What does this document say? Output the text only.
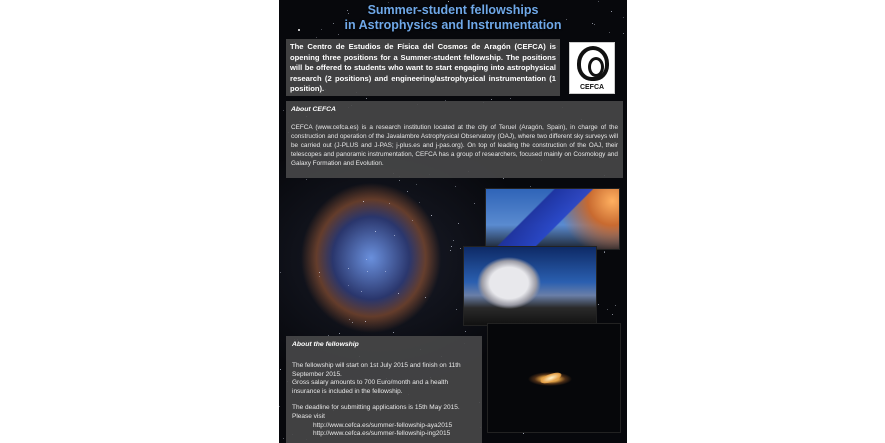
Summer-student fellowships
in Astrophysics and Instrumentation

The Centro de Estudios de Física del Cosmos de Aragón (CEFCA) is opening three positions for a Summer-student fellowship. The positions will be offered to students who want to start engaging into astrophysical research (2 positions) and engineering/astrophysical instrumentation (1 position).	CEFCA
About CEFCA
CEFCA (www.cefca.es) is a research institution located at the city of Teruel (Aragón, Spain), in charge of the construction and operation of the Javalambre Astrophysical Observatory (OAJ), where two different sky surveys will be carried out (J-PLUS and J-PAS; j-plus.es and j-pas.org). On top of leading the construction of the OAJ, their telescopes and panoramic instrumentation, CEFCA has a group of researchers, focused mainly on Cosmology and Galaxy Formation and Evolution.
About the fellowship
The fellowship will start on 1st July 2015 and finish on 11th September 2015.
Gross salary amounts to 700 Euro/month and a health insurance is included in the fellowship.
The deadline for submitting applications is 15th May 2015. Please visit
http://www.cefca.es/summer-fellowship-aya2015
http://www.cefca.es/summer-fellowship-ing2015
